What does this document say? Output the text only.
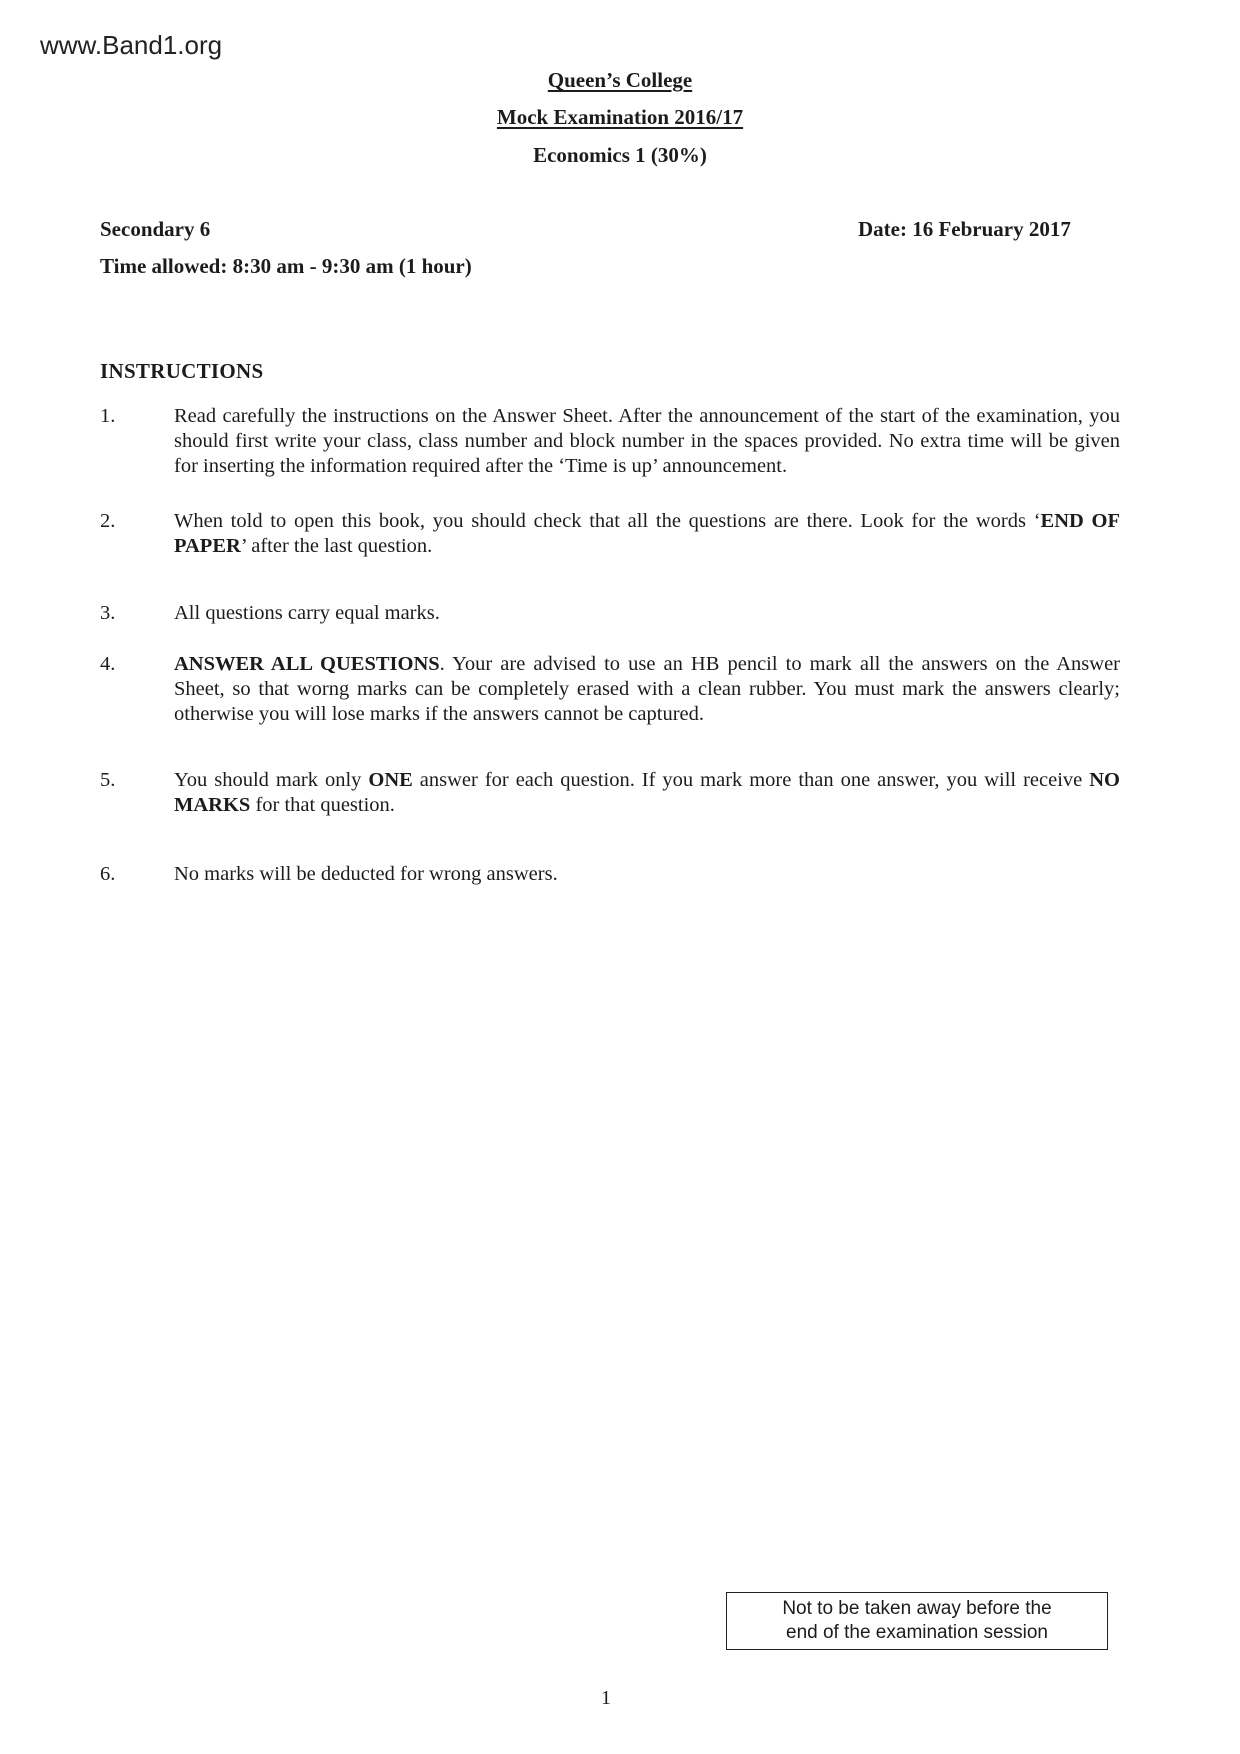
www.Band1.org
Queen’s College
Mock Examination 2016/17
Economics 1 (30%)
Secondary 6
Time allowed: 8:30 am - 9:30 am (1 hour)
Date: 16 February 2017
INSTRUCTIONS
1.	Read carefully the instructions on the Answer Sheet. After the announcement of the start of the examination, you should first write your class, class number and block number in the spaces provided. No extra time will be given for inserting the information required after the ‘Time is up’ announcement.
2.	When told to open this book, you should check that all the questions are there. Look for the words ‘END OF PAPER’ after the last question.
3.	All questions carry equal marks.
4.	ANSWER ALL QUESTIONS. Your are advised to use an HB pencil to mark all the answers on the Answer Sheet, so that worng marks can be completely erased with a clean rubber. You must mark the answers clearly; otherwise you will lose marks if the answers cannot be captured.
5.	You should mark only ONE answer for each question. If you mark more than one answer, you will receive NO MARKS for that question.
6.	No marks will be deducted for wrong answers.
Not to be taken away before the
end of the examination session
1
